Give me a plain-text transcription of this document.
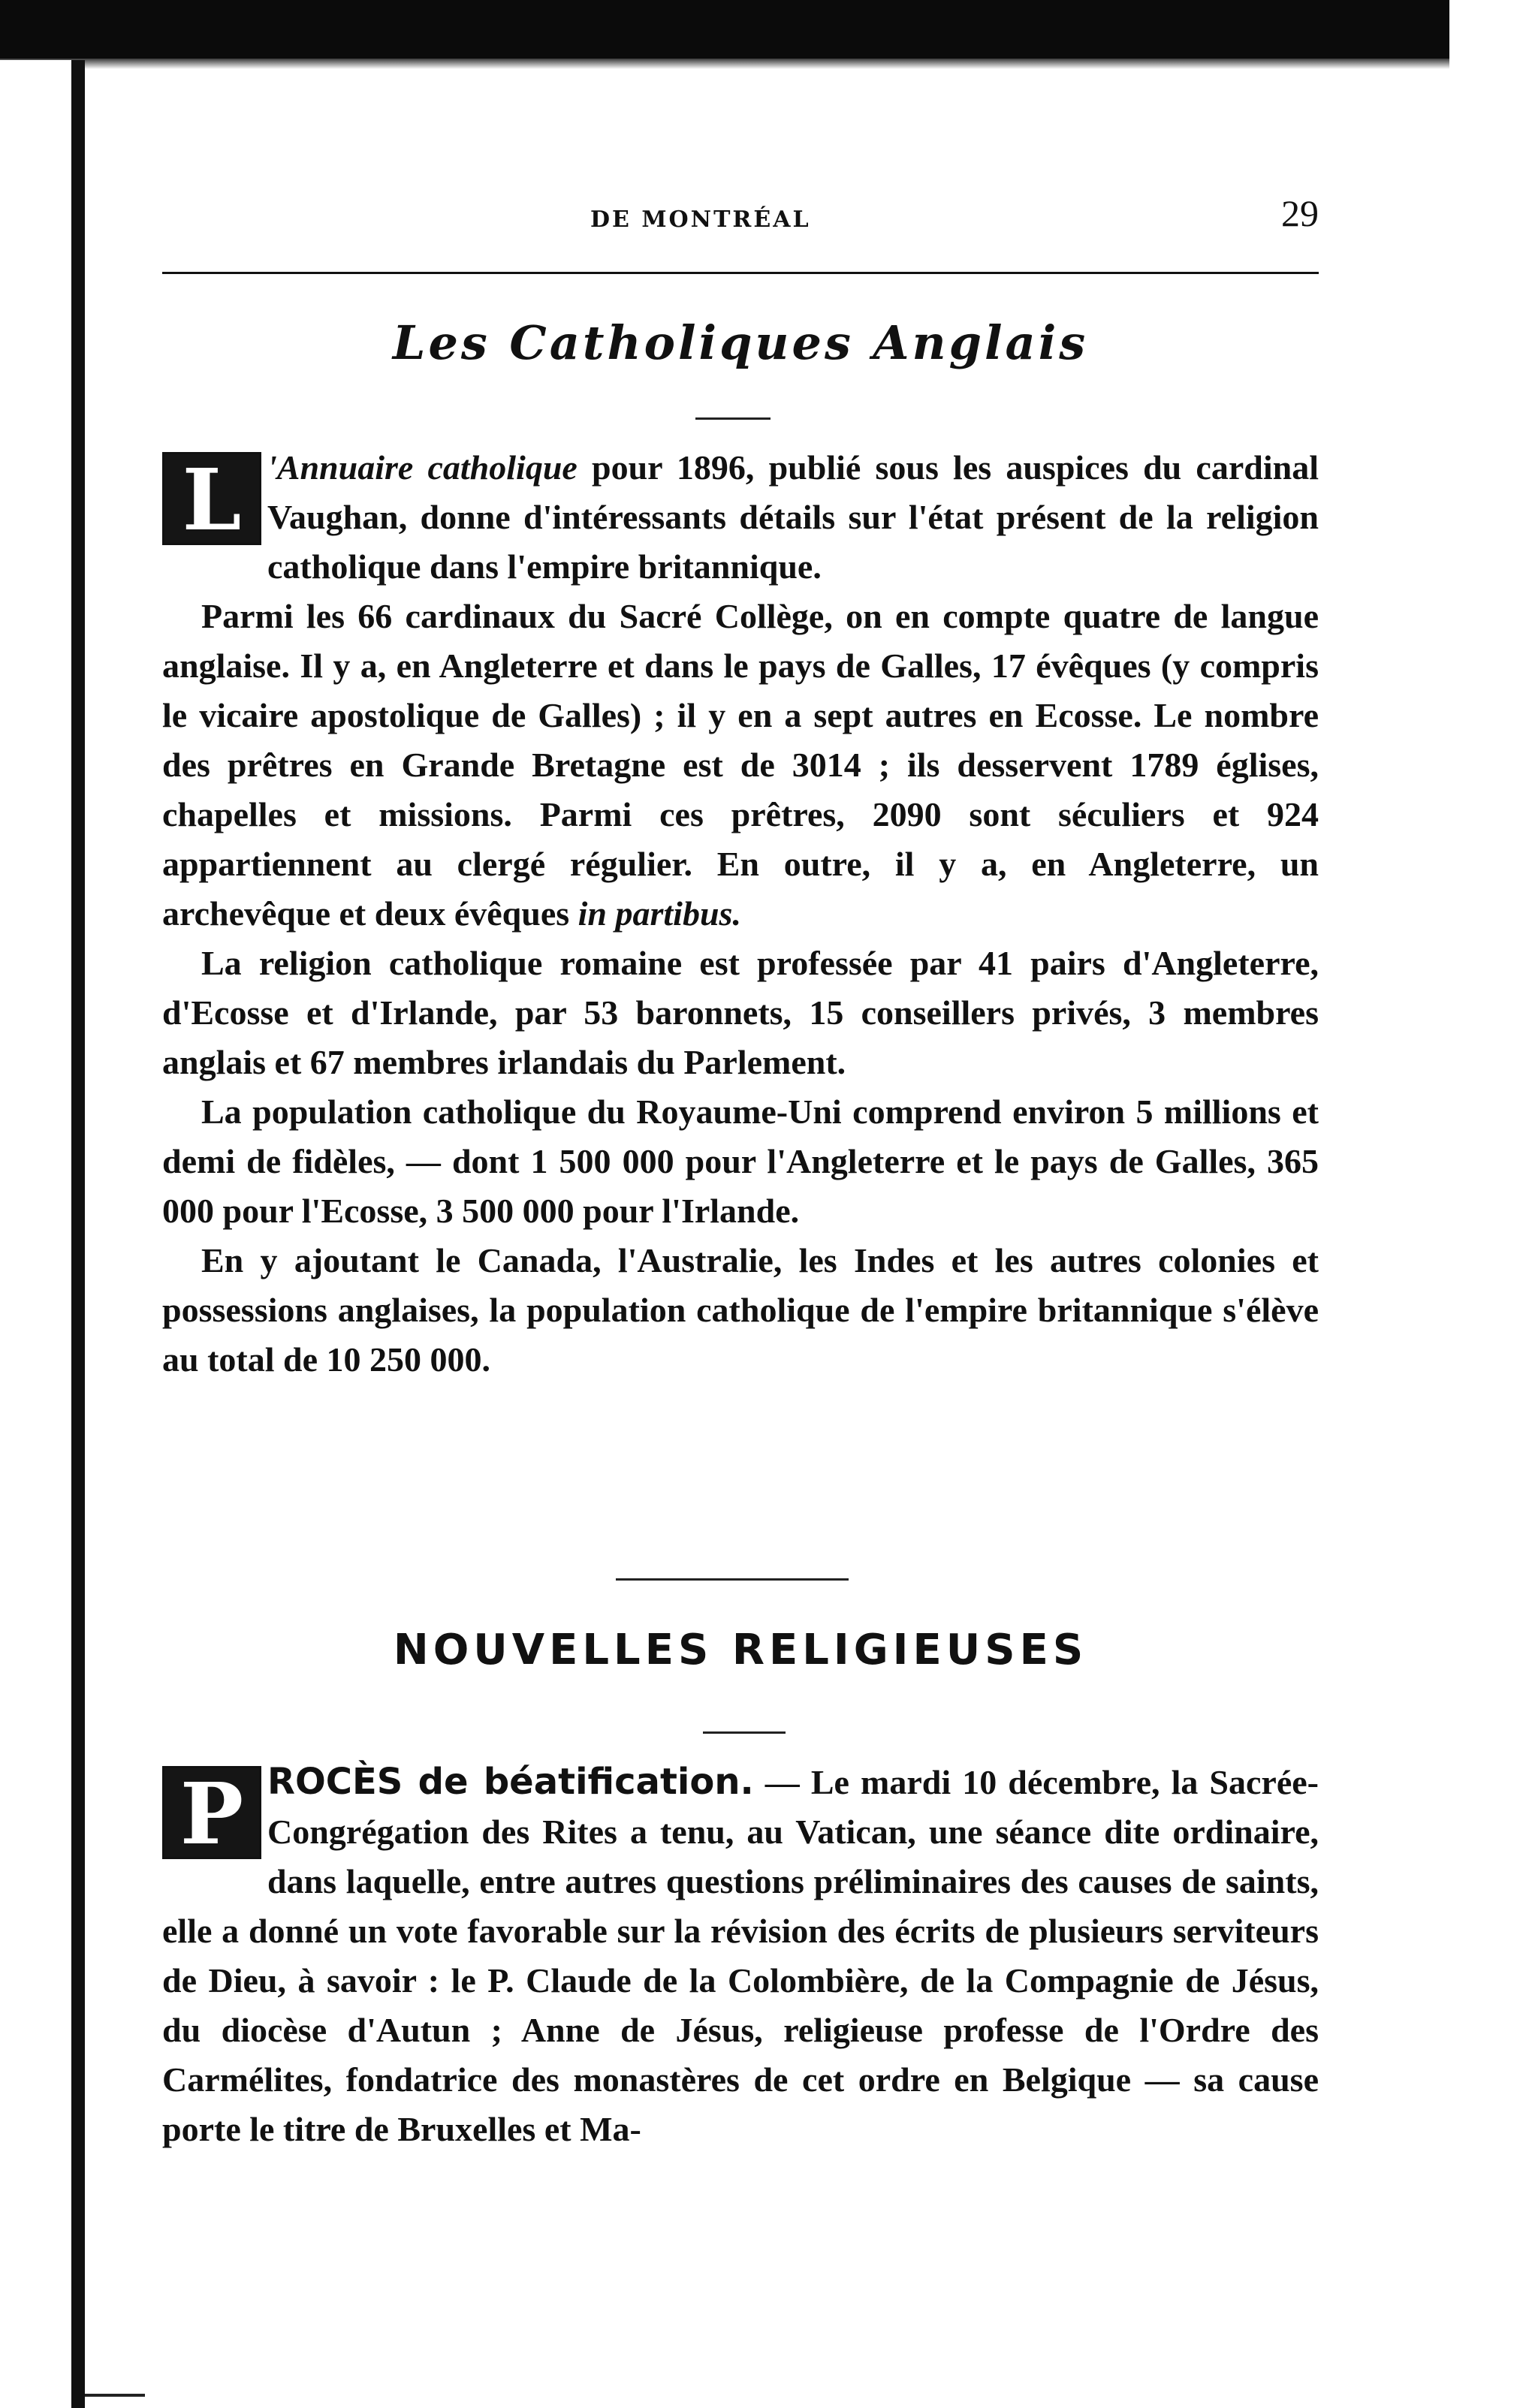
DE MONTRÉAL	29
Les Catholiques Anglais

L 'Annuaire catholique pour 1896, publié sous les auspices du cardinal Vaughan, donne d'intéressants détails sur l'état présent de la religion catholique dans l'empire britannique.

Parmi les 66 cardinaux du Sacré Collège, on en compte quatre de langue anglaise. Il y a, en Angleterre et dans le pays de Galles, 17 évêques (y compris le vicaire apostolique de Galles) ; il y en a sept autres en Ecosse. Le nombre des prêtres en Grande Bretagne est de 3014 ; ils desservent 1789 églises, chapelles et missions. Parmi ces prêtres, 2090 sont séculiers et 924 appartiennent au clergé régulier. En outre, il y a, en Angleterre, un archevêque et deux évêques in partibus.

La religion catholique romaine est professée par 41 pairs d'Angleterre, d'Ecosse et d'Irlande, par 53 baronnets, 15 conseillers privés, 3 membres anglais et 67 membres irlandais du Parlement.

La population catholique du Royaume-Uni comprend environ 5 millions et demi de fidèles, — dont 1 500 000 pour l'Angleterre et le pays de Galles, 365 000 pour l'Ecosse, 3 500 000 pour l'Irlande.

En y ajoutant le Canada, l'Australie, les Indes et les autres colonies et possessions anglaises, la population catholique de l'empire britannique s'élève au total de 10 250 000.

NOUVELLES RELIGIEUSES

P ROCÈS de béatification. — Le mardi 10 décembre, la Sacrée-Congrégation des Rites a tenu, au Vatican, une séance dite ordinaire, dans laquelle, entre autres questions préliminaires des causes de saints, elle a donné un vote favorable sur la révision des écrits de plusieurs serviteurs de Dieu, à savoir : le P. Claude de la Colombière, de la Compagnie de Jésus, du diocèse d'Autun ; Anne de Jésus, religieuse professe de l'Ordre des Carmélites, fondatrice des monastères de cet ordre en Belgique — sa cause porte le titre de Bruxelles et Ma-
